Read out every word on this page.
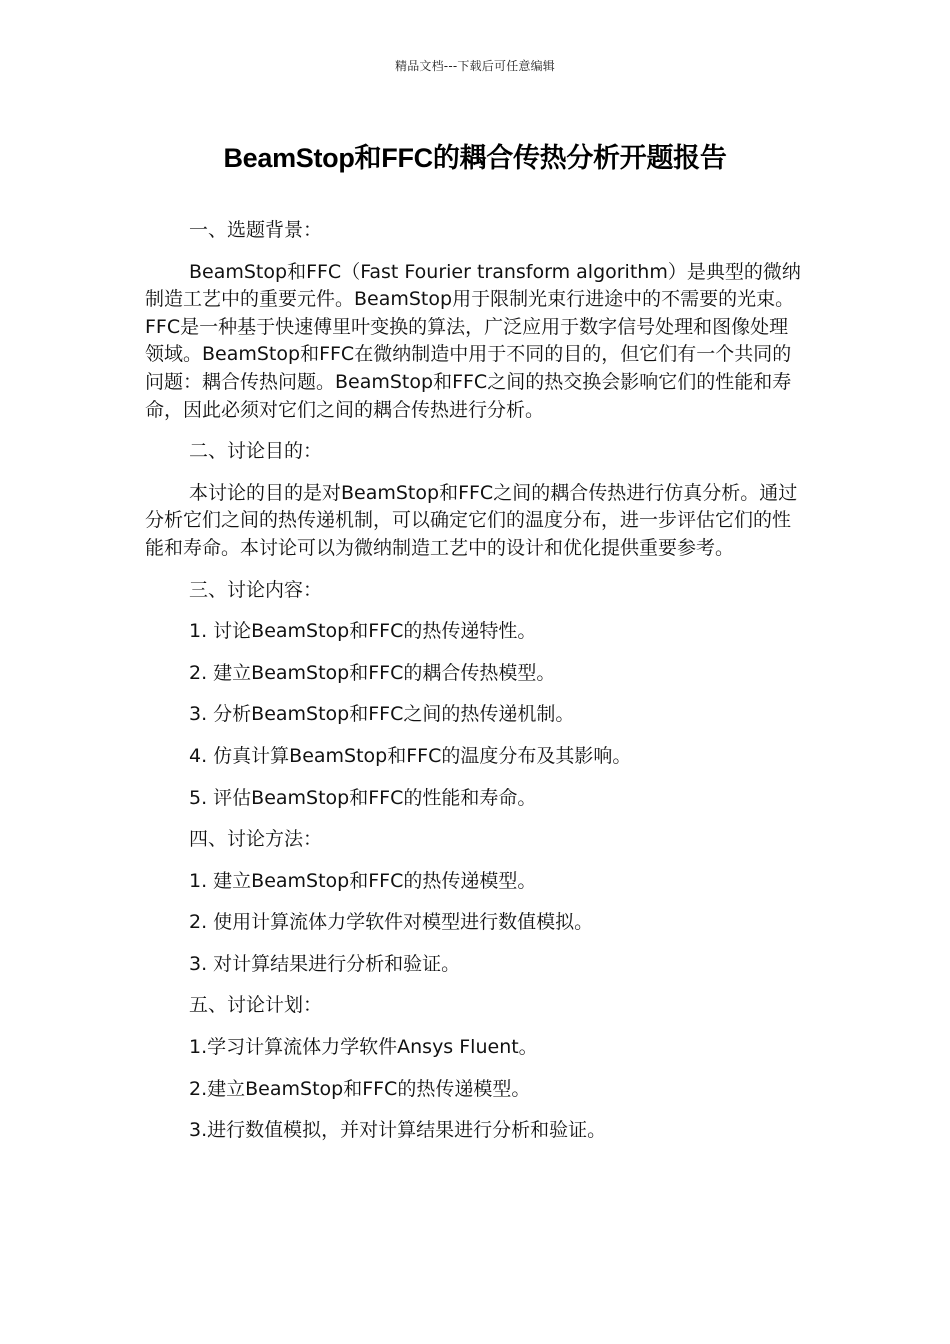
精品文档---下载后可任意编辑
BeamStop和FFC的耦合传热分析开题报告

一、选题背景：

BeamStop和FFC（Fast Fourier transform algorithm）是典型的微纳制造工艺中的重要元件。BeamStop用于限制光束行进途中的不需要的光束。FFC是一种基于快速傅里叶变换的算法，广泛应用于数字信号处理和图像处理领域。BeamStop和FFC在微纳制造中用于不同的目的，但它们有一个共同的问题：耦合传热问题。BeamStop和FFC之间的热交换会影响它们的性能和寿命，因此必须对它们之间的耦合传热进行分析。

二、讨论目的：

本讨论的目的是对BeamStop和FFC之间的耦合传热进行仿真分析。通过分析它们之间的热传递机制，可以确定它们的温度分布，进一步评估它们的性能和寿命。本讨论可以为微纳制造工艺中的设计和优化提供重要参考。

三、讨论内容：

1. 讨论BeamStop和FFC的热传递特性。

2. 建立BeamStop和FFC的耦合传热模型。

3. 分析BeamStop和FFC之间的热传递机制。

4. 仿真计算BeamStop和FFC的温度分布及其影响。

5. 评估BeamStop和FFC的性能和寿命。

四、讨论方法：

1. 建立BeamStop和FFC的热传递模型。

2. 使用计算流体力学软件对模型进行数值模拟。

3. 对计算结果进行分析和验证。

五、讨论计划：

1.学习计算流体力学软件Ansys Fluent。

2.建立BeamStop和FFC的热传递模型。

3.进行数值模拟，并对计算结果进行分析和验证。
